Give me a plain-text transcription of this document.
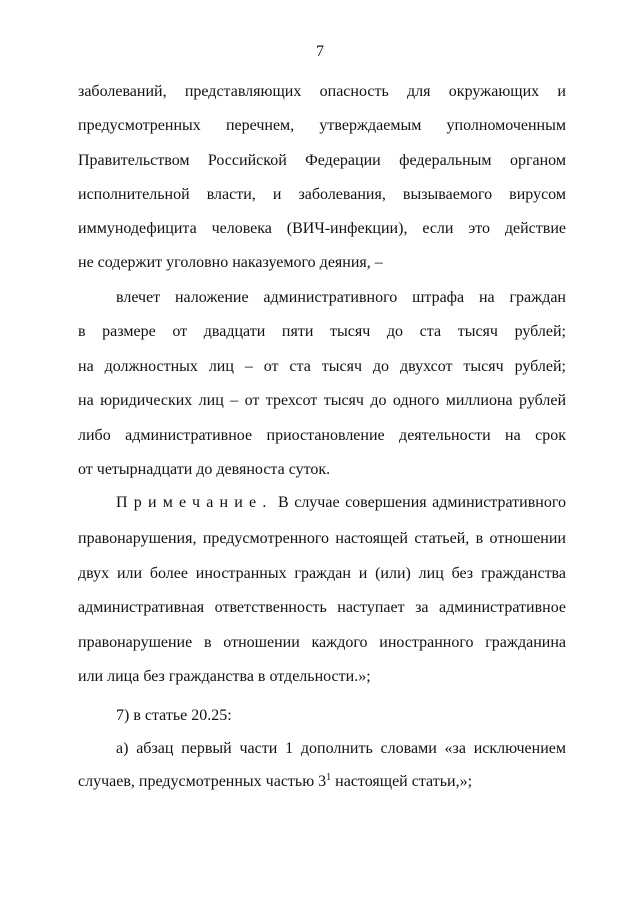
7
заболеваний, представляющих опасность для окружающих и
предусмотренных перечнем, утверждаемым уполномоченным
Правительством Российской Федерации федеральным органом
исполнительной власти, и заболевания, вызываемого вирусом
иммунодефицита человека (ВИЧ-инфекции), если это действие
не содержит уголовно наказуемого деяния, –
влечет наложение административного штрафа на граждан
в размере от двадцати пяти тысяч до ста тысяч рублей;
на должностных лиц – от ста тысяч до двухсот тысяч рублей;
на юридических лиц – от трехсот тысяч до одного миллиона рублей
либо административное приостановление деятельности на срок
от четырнадцати до девяноста суток.
Примечание. В случае совершения административного
правонарушения, предусмотренного настоящей статьей, в отношении
двух или более иностранных граждан и (или) лиц без гражданства
административная ответственность наступает за административное
правонарушение в отношении каждого иностранного гражданина
или лица без гражданства в отдельности.»;
7) в статье 20.25:
а) абзац первый части 1 дополнить словами «за исключением
случаев, предусмотренных частью $3^1$ настоящей статьи,»;
